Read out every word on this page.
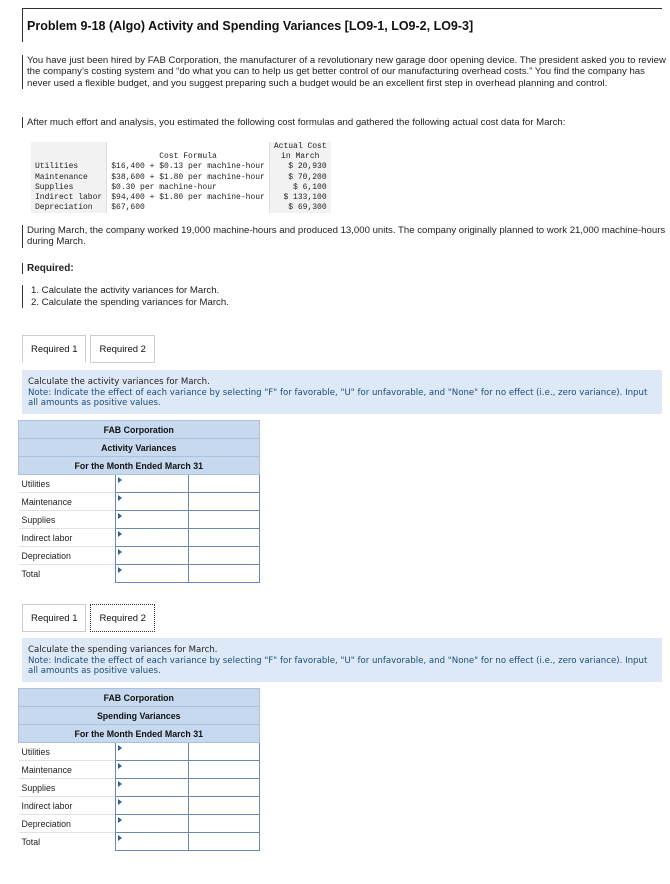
Problem 9-18 (Algo) Activity and Spending Variances [LO9-1, LO9-2, LO9-3]
You have just been hired by FAB Corporation, the manufacturer of a revolutionary new garage door opening device. The president asked you to review the company’s costing system and “do what you can to help us get better control of our manufacturing overhead costs.” You find the company has never used a flexible budget, and you suggest preparing such a budget would be an excellent first step in overhead planning and control.
After much effort and analysis, you estimated the following cost formulas and gathered the following actual cost data for March:

Cost Formula	Actual Cost
in March
Utilities	$16,400 + $0.13 per machine-hour	$ 20,930
Maintenance	$38,600 + $1.80 per machine-hour	$ 70,200
Supplies	$0.30 per machine-hour	$ 6,100
Indirect labor	$94,400 + $1.80 per machine-hour	$ 133,100
Depreciation	$67,600	$ 69,300
During March, the company worked 19,000 machine-hours and produced 13,000 units. The company originally planned to work 21,000 machine-hours during March.
Required:
1. Calculate the activity variances for March.
2. Calculate the spending variances for March.
Required 1	Required 2
Calculate the activity variances for March.
Note: Indicate the effect of each variance by selecting "F" for favorable, "U" for unfavorable, and "None" for no effect (i.e., zero variance). Input all amounts as positive values.
FAB Corporation		
Activity Variances		
For the Month Ended March 31		
Utilities	

Maintenance	

Supplies	

Indirect labor	

Depreciation	

Total	

Required 1	Required 2
Calculate the spending variances for March.
Note: Indicate the effect of each variance by selecting "F" for favorable, "U" for unfavorable, and "None" for no effect (i.e., zero variance). Input all amounts as positive values.
FAB Corporation		
Spending Variances		
For the Month Ended March 31		
Utilities	

Maintenance	

Supplies	

Indirect labor	

Depreciation	

Total	
